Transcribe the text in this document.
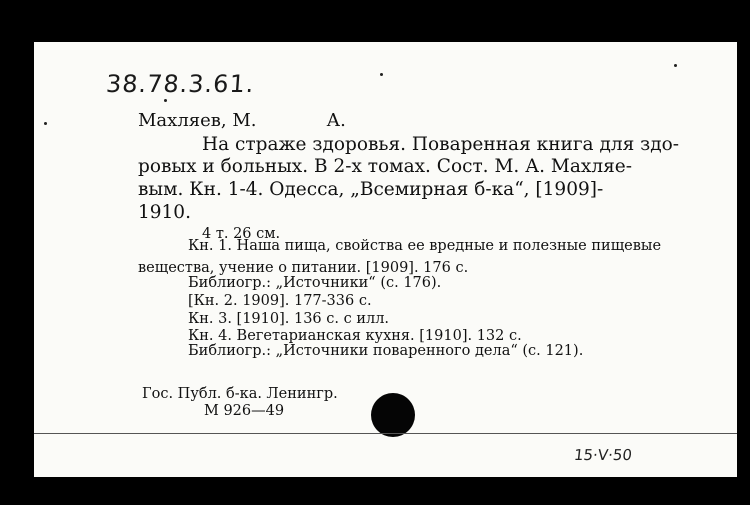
38.78.3.61.
Махляев, М.	А.
На страже здоровья. Поваренная книга для здо-
ровых и больных. В 2-х томах. Сост. М. А. Махляе-
вым. Кн. 1-4. Одесса, „Всемирная б-ка“, [1909]-
1910.
4 т. 26 см.
Кн. 1. Наша пища, свойства ее вредные и полезные пищевые
вещества, учение о питании. [1909]. 176 с.
Библиогр.: „Источники“ (с. 176).
[Кн. 2. 1909]. 177-336 с.
Кн. 3. [1910]. 136 с. с илл.
Кн. 4. Вегетарианская кухня. [1910]. 132 с.
Библиогр.: „Источники поваренного дела“ (с. 121).
Гос. Публ. б-ка. Ленингр.
М 926—49
15·V·50
